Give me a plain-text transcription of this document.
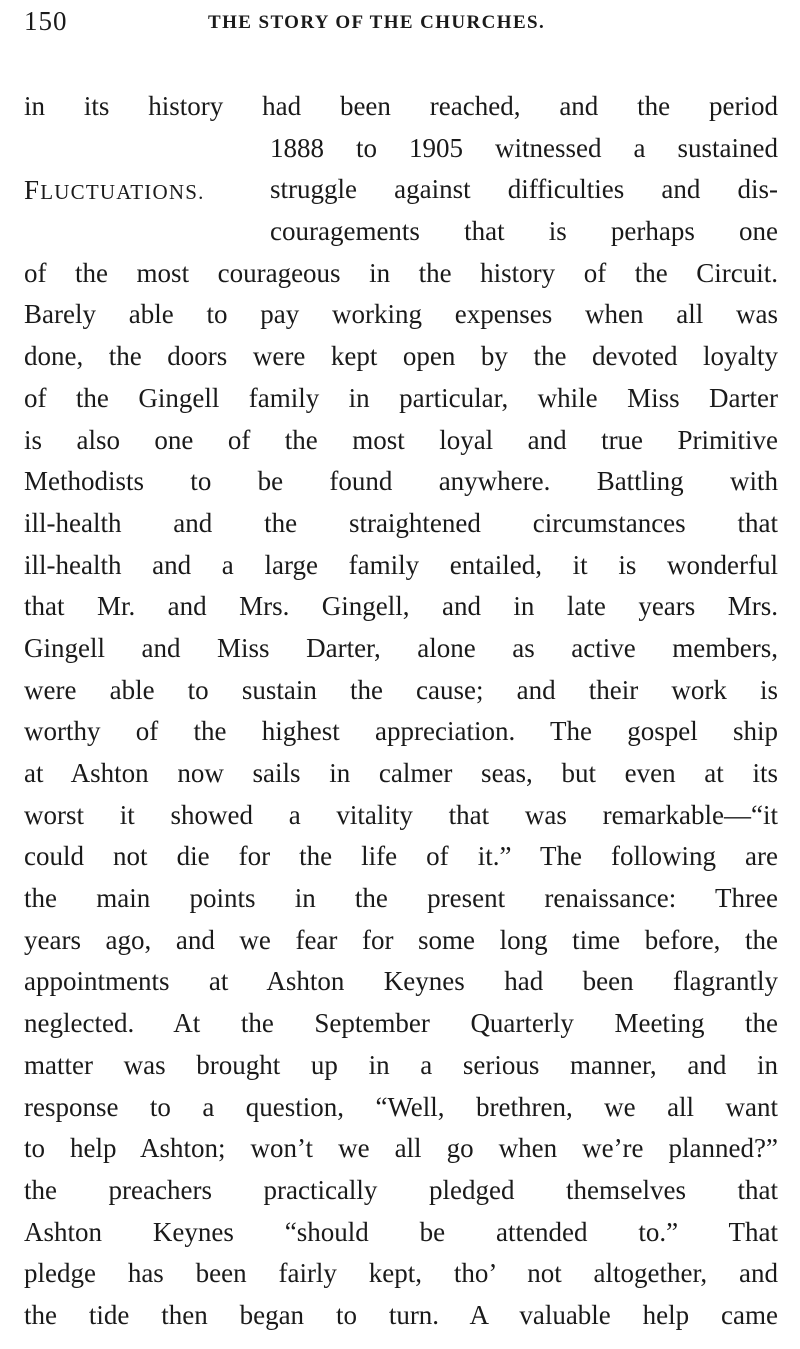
150	THE STORY OF THE CHURCHES.
FLUCTUATIONS.
in its history had been reached, and the period
1888 to 1905 witnessed a sustained
struggle against difficulties and dis-
couragements that is perhaps one
of the most courageous in the history of the Circuit.
Barely able to pay working expenses when all was
done, the doors were kept open by the devoted loyalty
of the Gingell family in particular, while Miss Darter
is also one of the most loyal and true Primitive
Methodists to be found anywhere. Battling with
ill-health and the straightened circumstances that
ill-health and a large family entailed, it is wonderful
that Mr. and Mrs. Gingell, and in late years Mrs.
Gingell and Miss Darter, alone as active members,
were able to sustain the cause; and their work is
worthy of the highest appreciation. The gospel ship
at Ashton now sails in calmer seas, but even at its
worst it showed a vitality that was remarkable—“it
could not die for the life of it.” The following are
the main points in the present renaissance: Three
years ago, and we fear for some long time before, the
appointments at Ashton Keynes had been flagrantly
neglected. At the September Quarterly Meeting the
matter was brought up in a serious manner, and in
response to a question, “Well, brethren, we all want
to help Ashton; won’t we all go when we’re planned?”
the preachers practically pledged themselves that
Ashton Keynes “should be attended to.” That
pledge has been fairly kept, tho’ not altogether, and
the tide then began to turn. A valuable help came
